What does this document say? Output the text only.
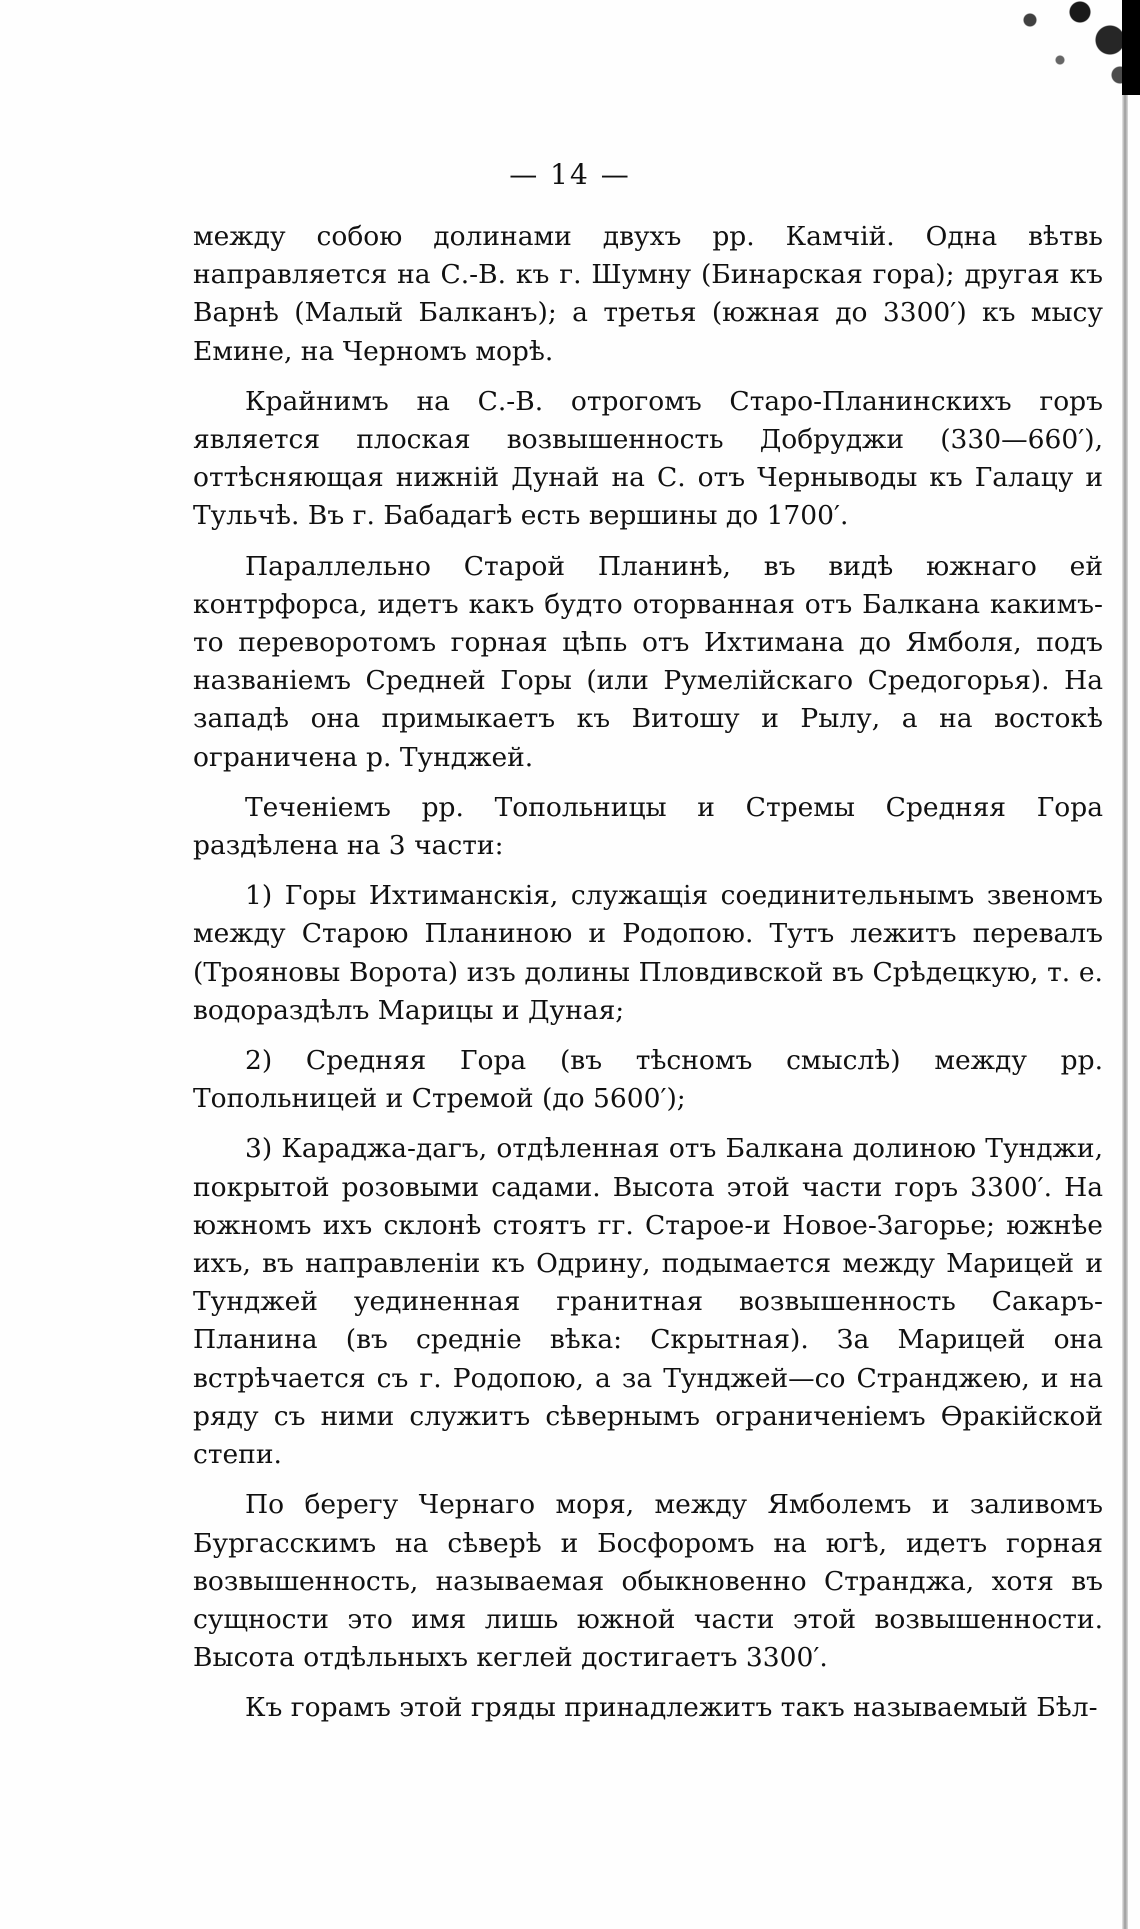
— 14 —

между собою долинами двухъ рр. Камчій. Одна вѣтвь направляется на С.-В. къ г. Шумну (Бинарская гора); другая къ Варнѣ (Малый Балканъ); а третья (южная до 3300′) къ мысу Емине, на Черномъ морѣ.

Крайнимъ на С.-В. отрогомъ Старо-Планинскихъ горъ является плоская возвышенность Добруджи (330—660′), оттѣсняющая нижній Дунай на С. отъ Черныводы къ Галацу и Тульчѣ. Въ г. Бабадагѣ есть вершины до 1700′.

Параллельно Старой Планинѣ, въ видѣ южнаго ей контрфорса, идетъ какъ будто оторванная отъ Балкана какимъ-то переворотомъ горная цѣпь отъ Ихтимана до Ямболя, подъ названіемъ Средней Горы (или Румелійскаго Средогорья). На западѣ она примыкаетъ къ Витошу и Рылу, а на востокѣ ограничена р. Тунджей.

Теченіемъ рр. Топольницы и Стремы Средняя Гора раздѣлена на 3 части:

1) Горы Ихтиманскія, служащія соединительнымъ звеномъ между Старою Планиною и Родопою. Тутъ лежитъ перевалъ (Трояновы Ворота) изъ долины Пловдивской въ Срѣдецкую, т. е. водораздѣлъ Марицы и Дуная;

2) Средняя Гора (въ тѣсномъ смыслѣ) между рр. Топольницей и Стремой (до 5600′);

3) Караджа-дагъ, отдѣленная отъ Балкана долиною Тунджи, покрытой розовыми садами. Высота этой части горъ 3300′. На южномъ ихъ склонѣ стоятъ гг. Старое-и Новое-Загорье; южнѣе ихъ, въ направленіи къ Одрину, подымается между Марицей и Тунджей уединенная гранитная возвышенность Сакаръ-Планина (въ средніе вѣка: Скрытная). За Марицей она встрѣчается съ г. Родопою, а за Тунджей—со Странджею, и на ряду съ ними служитъ сѣвернымъ ограниченіемъ Ѳракійской степи.

По берегу Чернаго моря, между Ямболемъ и заливомъ Бургасскимъ на сѣверѣ и Босфоромъ на югѣ, идетъ горная возвышенность, называемая обыкновенно Странджа, хотя въ сущности это имя лишь южной части этой возвышенности. Высота отдѣльныхъ кеглей достигаетъ 3300′.

Къ горамъ этой гряды принадлежитъ такъ называемый Бѣл-
